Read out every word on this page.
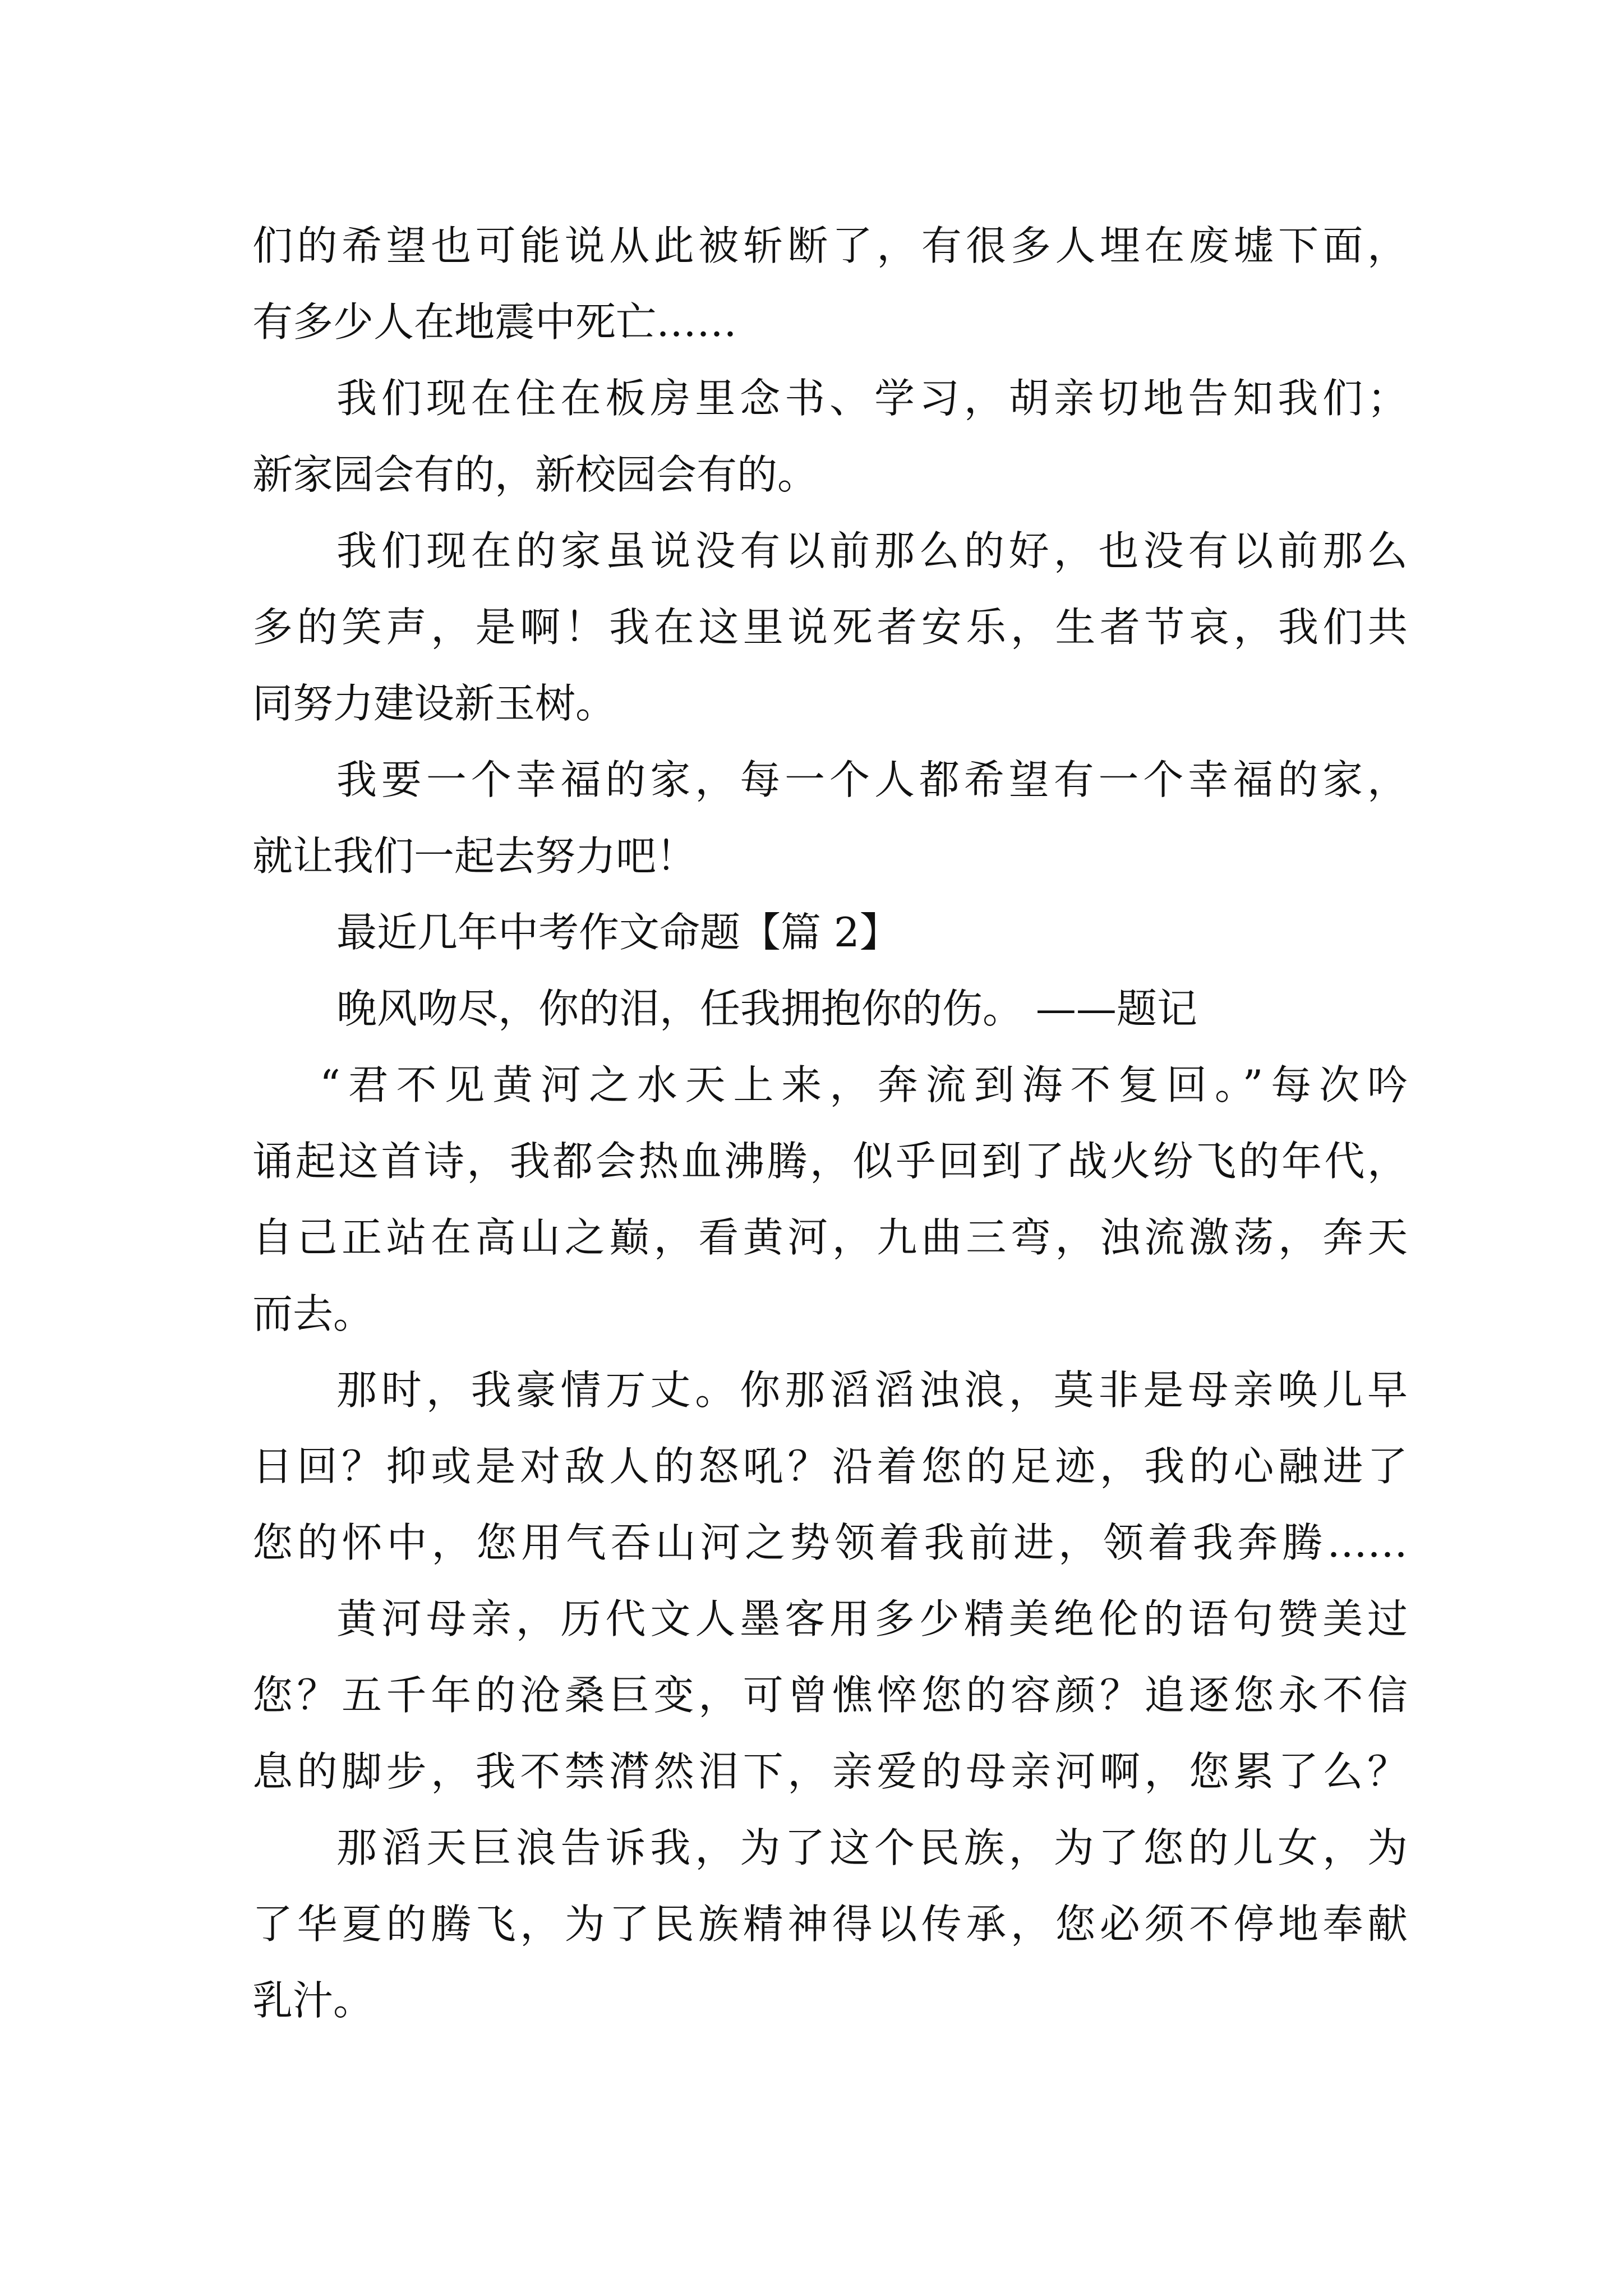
们的希望也可能说从此被斩断了，有很多人埋在废墟下面，
有多少人在地震中死亡……
我们现在住在板房里念书、学习，胡亲切地告知我们；
新家园会有的，新校园会有的。
我们现在的家虽说没有以前那么的好，也没有以前那么
多的笑声，是啊！我在这里说死者安乐，生者节哀，我们共
同努力建设新玉树。
我要一个幸福的家，每一个人都希望有一个幸福的家，
就让我们一起去努力吧！
最近几年中考作文命题【篇 2】
晚风吻尽，你的泪，任我拥抱你的伤。 ——题记
“君不见黄河之水天上来，奔流到海不复回。”每次吟
诵起这首诗，我都会热血沸腾，似乎回到了战火纷飞的年代，
自己正站在高山之巅，看黄河，九曲三弯，浊流激荡，奔天
而去。
那时，我豪情万丈。你那滔滔浊浪，莫非是母亲唤儿早
日回？抑或是对敌人的怒吼？沿着您的足迹，我的心融进了
您的怀中，您用气吞山河之势领着我前进，领着我奔腾……
黄河母亲，历代文人墨客用多少精美绝伦的语句赞美过
您？五千年的沧桑巨变，可曾憔悴您的容颜？追逐您永不信
息的脚步，我不禁潸然泪下，亲爱的母亲河啊，您累了么？
那滔天巨浪告诉我，为了这个民族，为了您的儿女，为
了华夏的腾飞，为了民族精神得以传承，您必须不停地奉献
乳汁。
